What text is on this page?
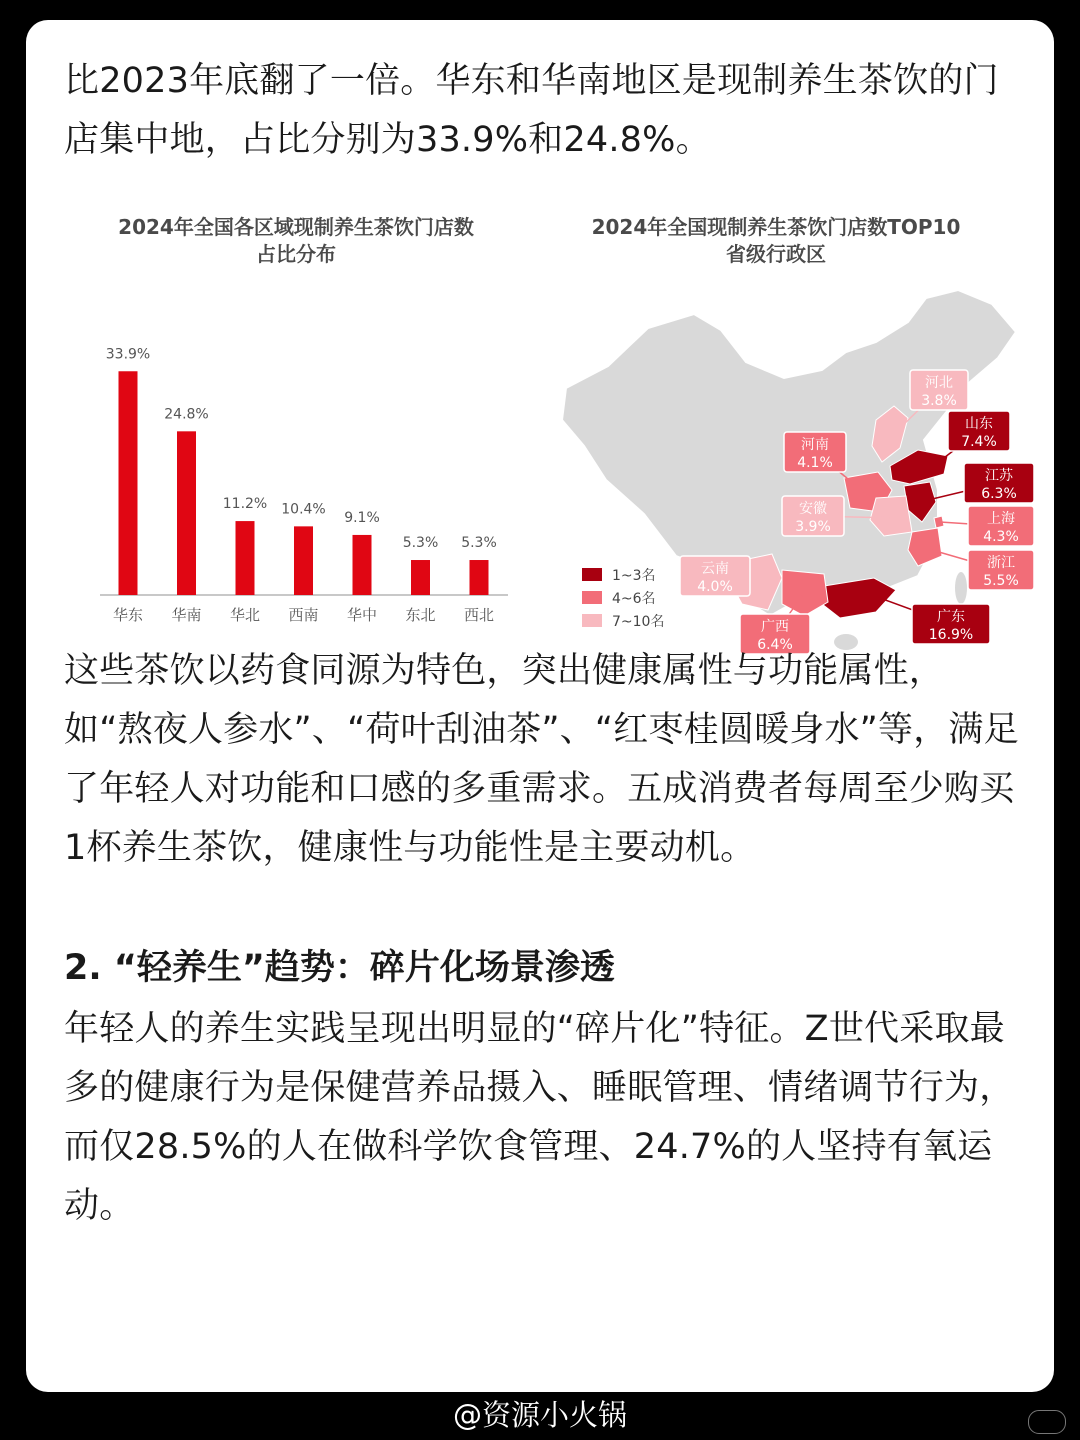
比2023年底翻了一倍。华东和华南地区是现制养生茶饮的门店集中地，占比分别为33.9%和24.8%。

2024年全国各区域现制养生茶饮门店数
占比分布
33.9%
华东
24.8%
华南
11.2%
华北
10.4%
西南
9.1%
华中
5.3%
东北
5.3%
西北
2024年全国现制养生茶饮门店数TOP10
省级行政区
河北
3.8%
山东
7.4%
河南
4.1%
江苏
6.3%
安徽
3.9%	上海
4.3%
云南
4.0%
浙江
5.5%
广东
16.9%
广西
6.4%
1~3名
4~6名
7~10名

这些茶饮以药食同源为特色，突出健康属性与功能属性，如“熬夜人参水”、“荷叶刮油茶”、“红枣桂圆暖身水”等，满足了年轻人对功能和口感的多重需求。五成消费者每周至少购买1杯养生茶饮，健康性与功能性是主要动机。

2. “轻养生”趋势：碎片化场景渗透

年轻人的养生实践呈现出明显的“碎片化”特征。Z世代采取最多的健康行为是保健营养品摄入、睡眠管理、情绪调节行为，而仅28.5%的人在做科学饮食管理、24.7%的人坚持有氧运动。

@资源小火锅
